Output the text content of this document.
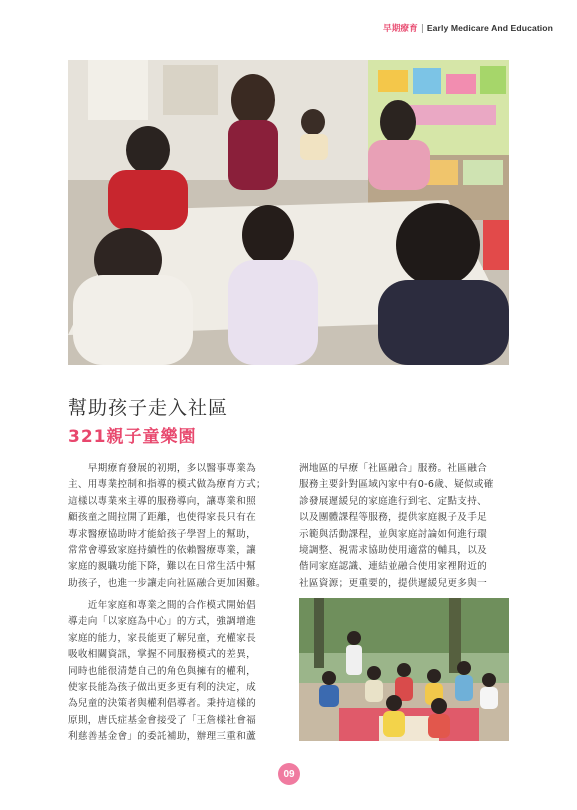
早期療育 | Early Medicare And Education
幫助孩子走入社區
321親子童樂園
　　早期療育發展的初期，多以醫事專業為
主、用專業控制和指導的模式做為療育方式；
這樣以專業來主導的服務導向，讓專業和照
顧孩童之間拉開了距離，也使得家長只有在
專求醫療協助時才能給孩子學習上的幫助，
常常會導致家庭持續性的依賴醫療專業，讓
家庭的親職功能下降，難以在日常生活中幫
助孩子，也進一步讓走向社區融合更加困難。
　　近年家庭和專業之間的合作模式開始倡
導走向「以家庭為中心」的方式，強調增進
家庭的能力，家長能更了解兒童，充權家長
吸收相關資訊，掌握不同服務模式的差異，
同時也能很清楚自己的角色與擁有的權利，
使家長能為孩子做出更多更有利的決定，成
為兒童的決策者與權利倡導者。秉持這樣的
原則，唐氏症基金會接受了「王詹樣社會福
利慈善基金會」的委託補助，辦理三重和蘆
洲地區的早療「社區融合」服務。社區融合
服務主要針對區域內家中有0-6歲、疑似或確
診發展遲緩兒的家庭進行到宅、定點支持、
以及團體課程等服務，提供家庭親子及手足
示範與活動課程，並與家庭討論如何進行環
境調整、視需求協助使用適當的輔具，以及
偕同家庭認識、連結並融合使用家裡附近的
社區資源；更重要的，提供遲緩兒更多與一
09
